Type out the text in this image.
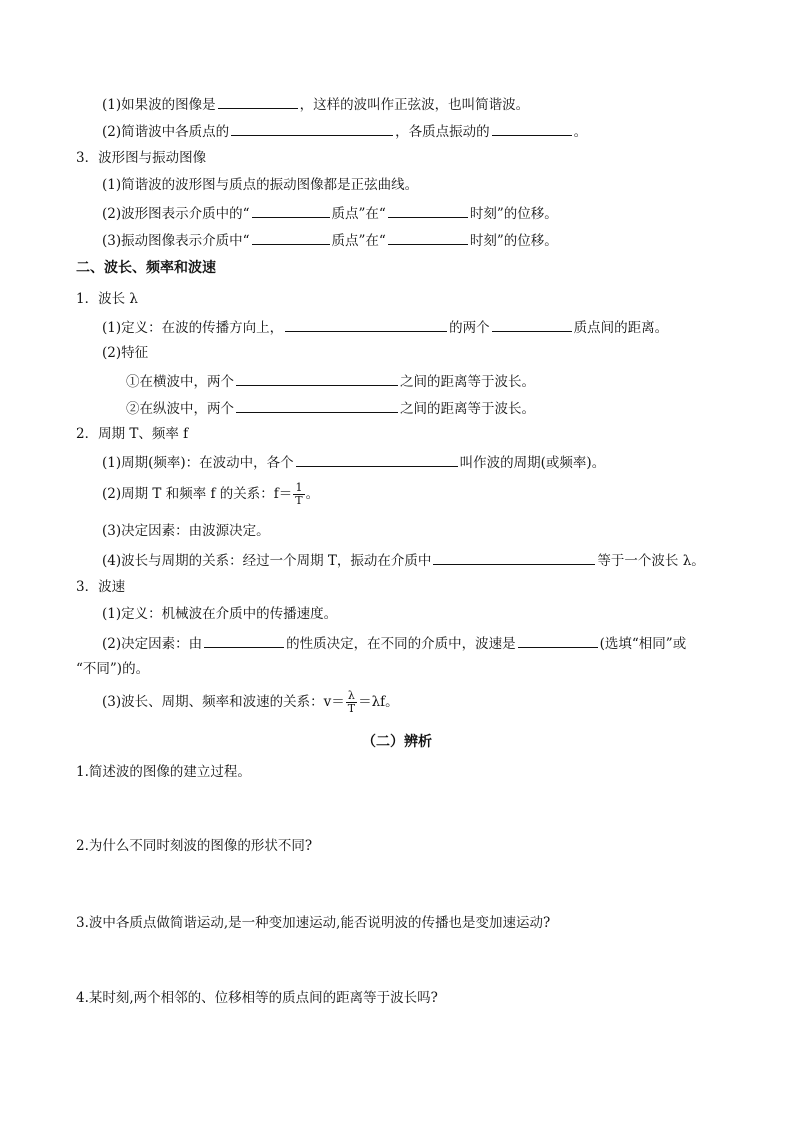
(1)如果波的图像是	，这样的波叫作正弦波，也叫简谐波。
(2)简谐波中各质点的	，各质点振动的	。
3．波形图与振动图像
(1)简谐波的波形图与质点的振动图像都是正弦曲线。
(2)波形图表示介质中的“	质点”在“	时刻”的位移。
(3)振动图像表示介质中“	质点”在“	时刻”的位移。
二、波长、频率和波速
1．波长 λ
(1)定义：在波的传播方向上，	的两个	质点间的距离。
(2)特征
①在横波中，两个	之间的距离等于波长。
②在纵波中，两个	之间的距离等于波长。
2．周期 T、频率 f
(1)周期(频率)：在波动中，各个	叫作波的周期(或频率)。
(2)周期 T 和频率 f 的关系：$f= \frac{1}{T}$ 。
(3)决定因素：由波源决定。
(4)波长与周期的关系：经过一个周期 T，振动在介质中	等于一个波长 λ。
3．波速
(1)定义：机械波在介质中的传播速度。
(2)决定因素：由	的性质决定，在不同的介质中，波速是	(选填“相同”或
“不同”)的。
(3)波长、周期、频率和波速的关系：$v= \frac{\lambda}{T} =\lambda f$。
（二）辨析
1.简述波的图像的建立过程。
2.为什么不同时刻波的图像的形状不同?
3.波中各质点做简谐运动,是一种变加速运动,能否说明波的传播也是变加速运动?
4.某时刻,两个相邻的、位移相等的质点间的距离等于波长吗?
